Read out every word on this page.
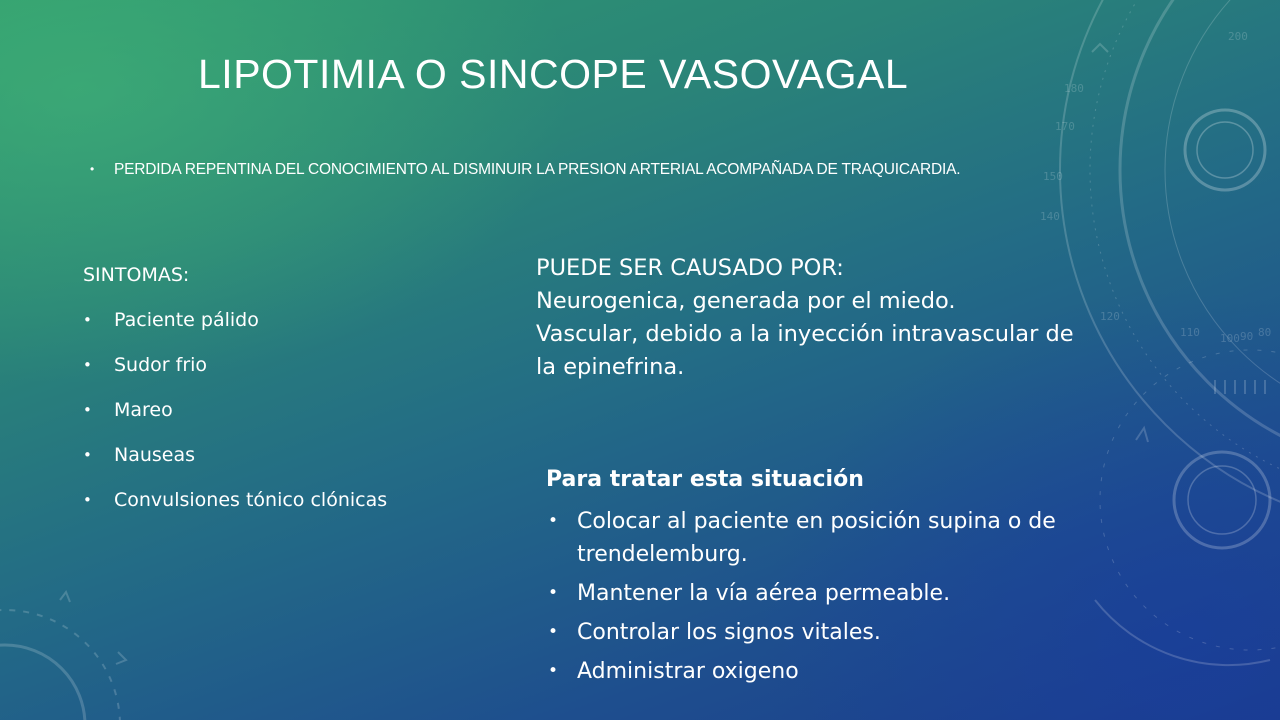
100 90 80
110
120
140
150
170
180
200
LIPOTIMIA O SINCOPE VASOVAGAL
•	PERDIDA REPENTINA DEL CONOCIMIENTO AL DISMINUIR LA PRESION ARTERIAL ACOMPAÑADA DE TRAQUICARDIA.
SINTOMAS:
• Paciente pálido
• Sudor frio
• Mareo
• Nauseas
• Convulsiones tónico clónicas
PUEDE SER CAUSADO POR:
Neurogenica, generada por el miedo.
Vascular, debido a la inyección intravascular de
la epinefrina.
Para tratar esta situación
• Colocar al paciente en posición supina o de trendelemburg.
• Mantener la vía aérea permeable.
• Controlar los signos vitales.
• Administrar oxigeno
